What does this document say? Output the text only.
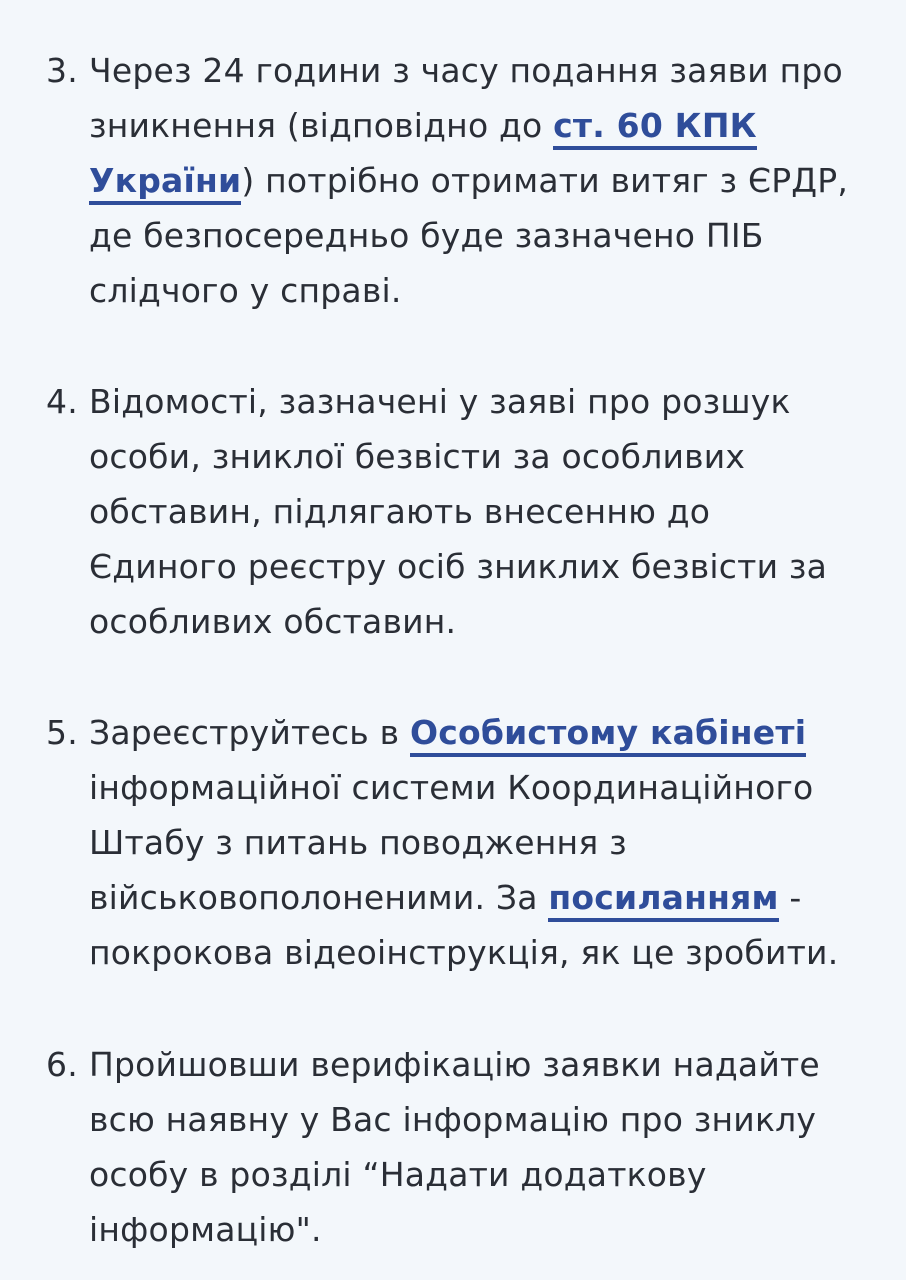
3. Через 24 години з часу подання заяви про
зникнення (відповідно до ст. 60 КПК
України) потрібно отримати витяг з ЄРДР,
де безпосередньо буде зазначено ПІБ
слідчого у справі.
4. Відомості, зазначені у заяві про розшук
особи, зниклої безвісти за особливих
обставин, підлягають внесенню до
Єдиного реєстру осіб зниклих безвісти за
особливих обставин.
5. Зареєструйтесь в Особистому кабінеті
інформаційної системи Координаційного
Штабу з питань поводження з
військовополоненими. За посиланням -
покрокова відеоінструкція, як це зробити.
6. Пройшовши верифікацію заявки надайте
всю наявну у Вас інформацію про зниклу
особу в розділі “Надати додаткову
інформацію".
